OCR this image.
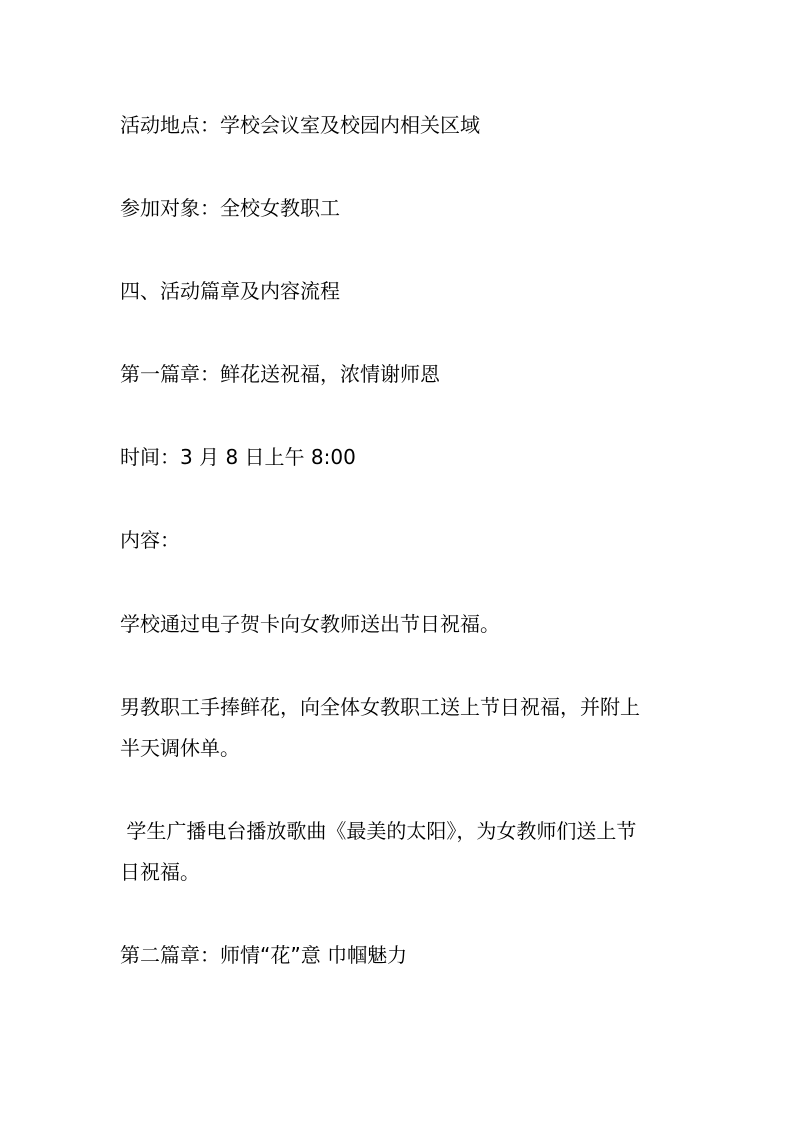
活动地点：学校会议室及校园内相关区域

参加对象：全校女教职工

四、活动篇章及内容流程

第一篇章：鲜花送祝福，浓情谢师恩

时间：3 月 8 日上午 8:00

内容：

学校通过电子贺卡向女教师送出节日祝福。

男教职工手捧鲜花，向全体女教职工送上节日祝福，并附上

半天调休单。

学生广播电台播放歌曲《最美的太阳》，为女教师们送上节

日祝福。

第二篇章：师情“花”意 巾帼魅力
